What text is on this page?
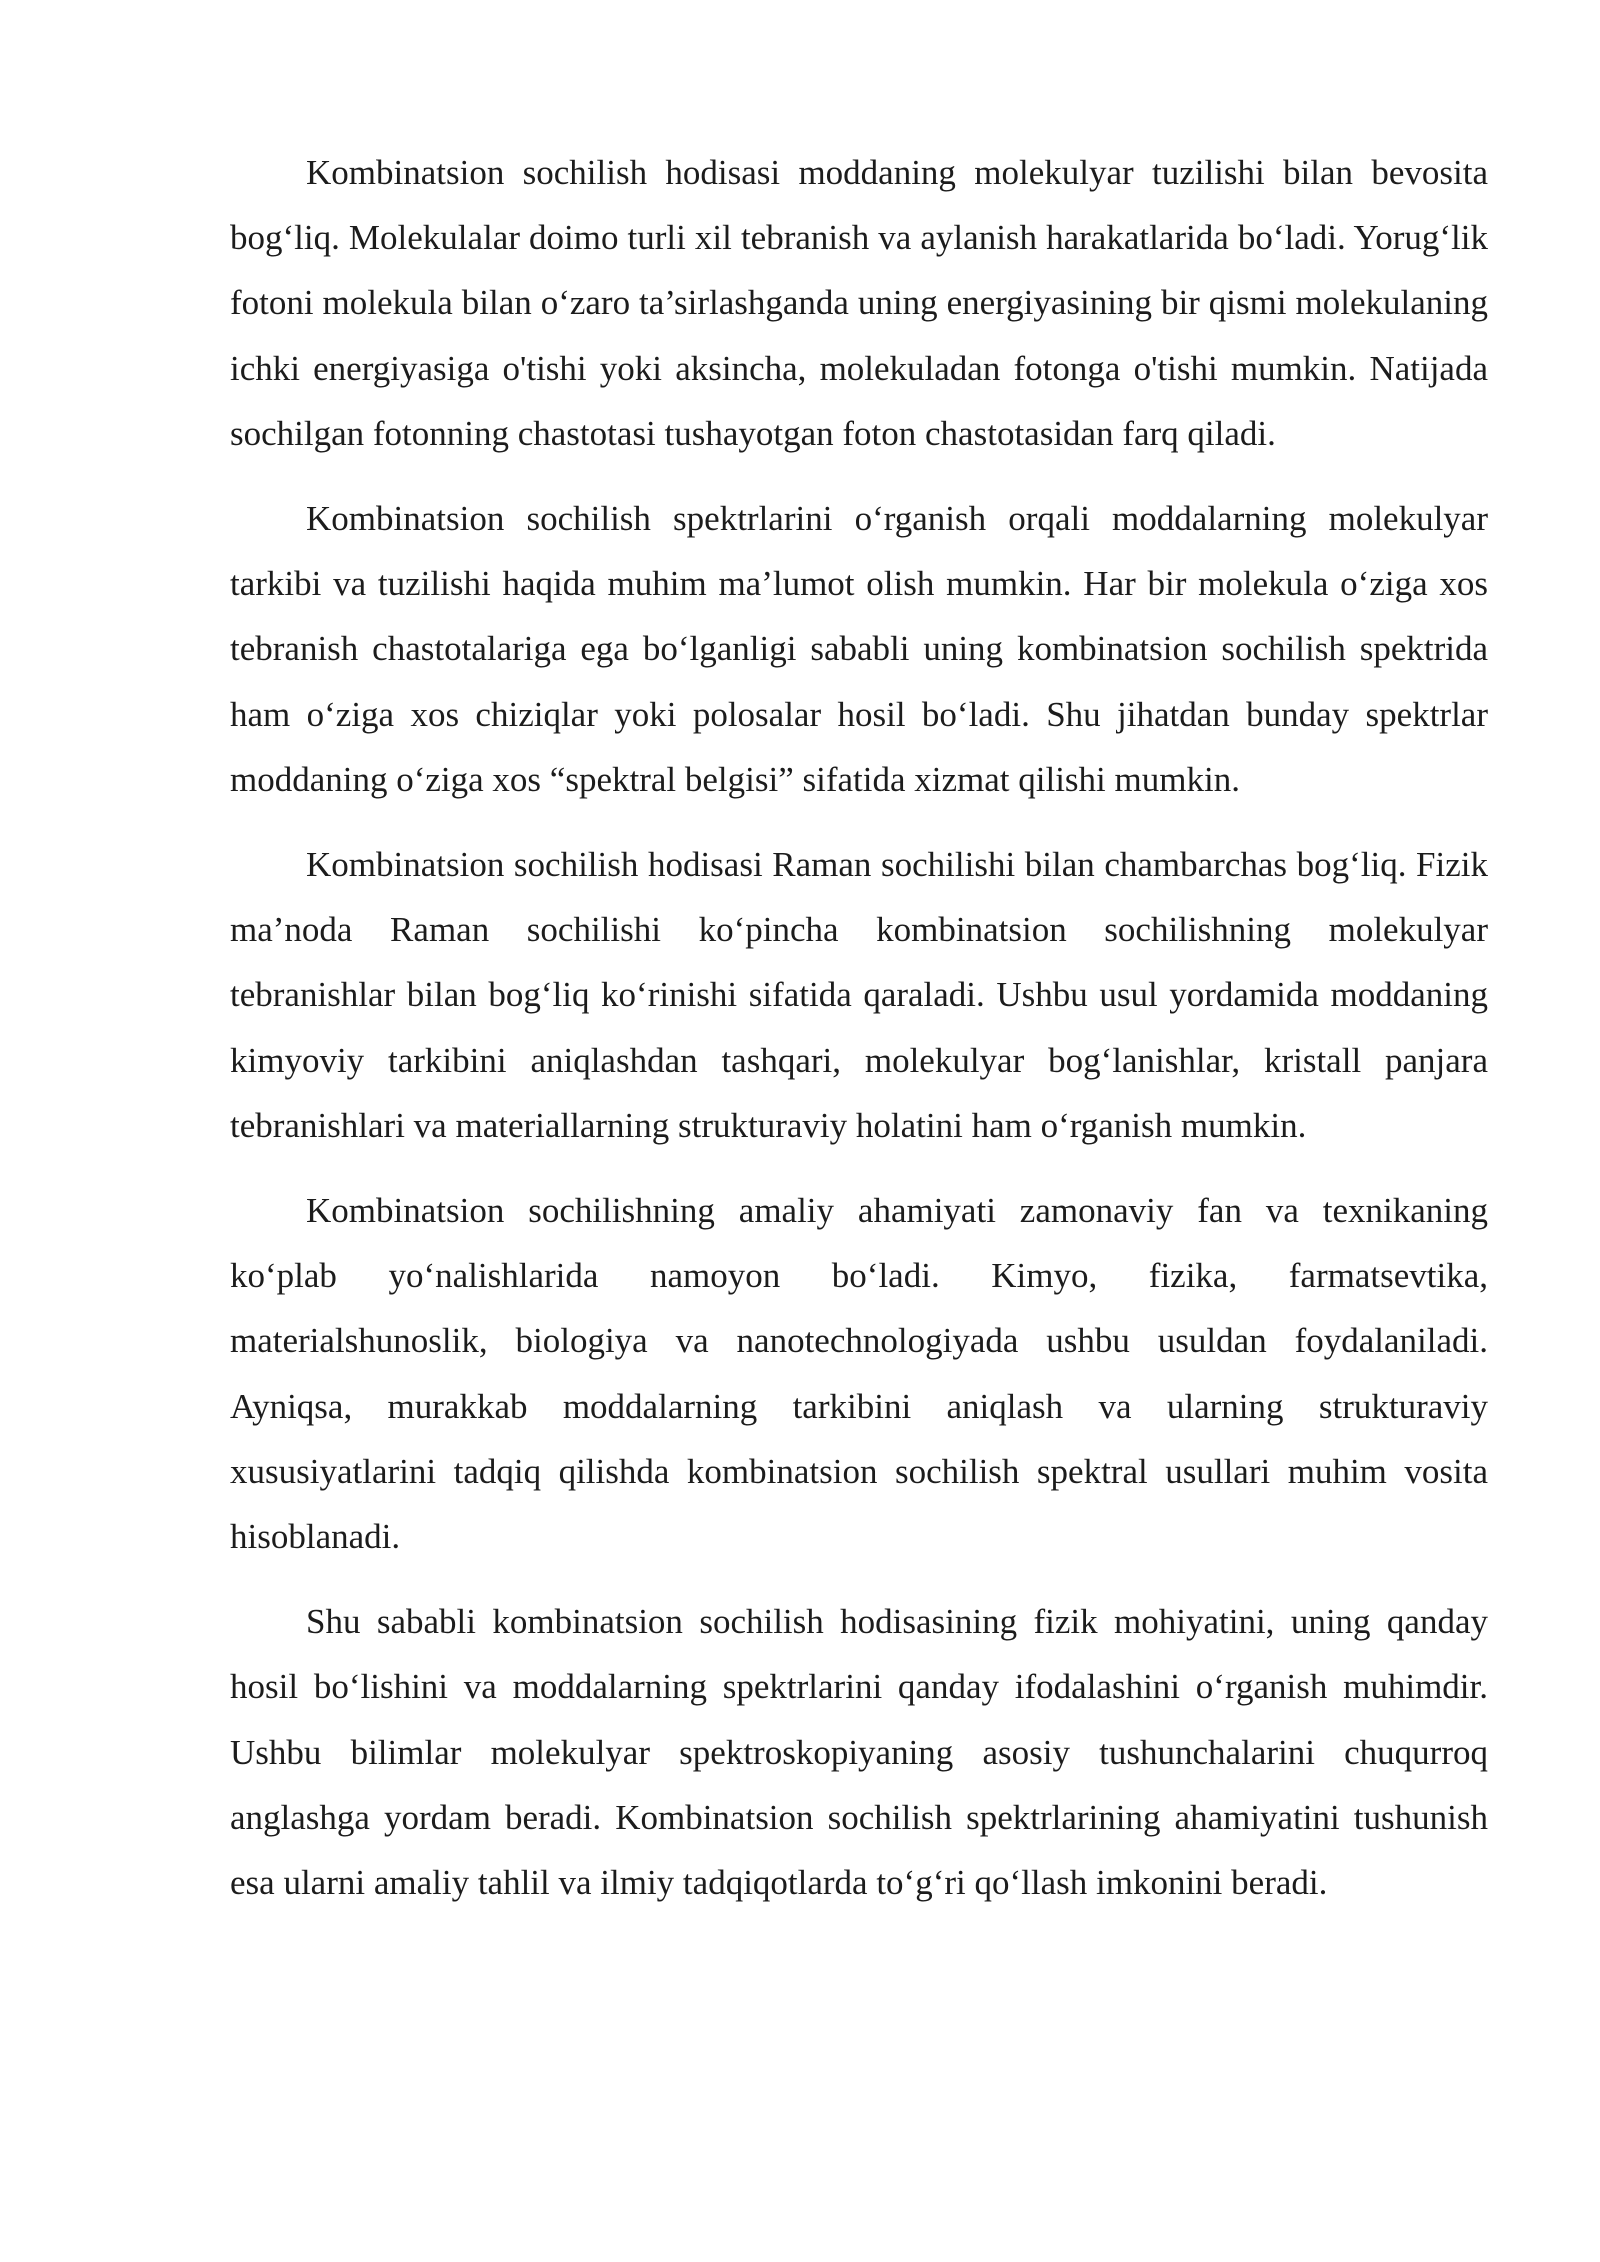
Kombinatsion sochilish hodisasi moddaning molekulyar tuzilishi bilan bevosita bog‘liq. Molekulalar doimo turli xil tebranish va aylanish harakatlarida bo‘ladi. Yorug‘lik fotoni molekula bilan o‘zaro ta’sirlashganda uning energiyasining bir qismi molekulaning ichki energiyasiga o'tishi yoki aksincha, molekuladan fotonga o'tishi mumkin. Natijada sochilgan fotonning chastotasi tushayotgan foton chastotasidan farq qiladi.

Kombinatsion sochilish spektrlarini o‘rganish orqali moddalarning molekulyar tarkibi va tuzilishi haqida muhim ma’lumot olish mumkin. Har bir molekula o‘ziga xos tebranish chastotalariga ega bo‘lganligi sababli uning kombinatsion sochilish spektrida ham o‘ziga xos chiziqlar yoki polosalar hosil bo‘ladi. Shu jihatdan bunday spektrlar moddaning o‘ziga xos “spektral belgisi” sifatida xizmat qilishi mumkin.

Kombinatsion sochilish hodisasi Raman sochilishi bilan chambarchas bog‘liq. Fizik ma’noda Raman sochilishi ko‘pincha kombinatsion sochilishning molekulyar tebranishlar bilan bog‘liq ko‘rinishi sifatida qaraladi. Ushbu usul yordamida moddaning kimyoviy tarkibini aniqlashdan tashqari, molekulyar bog‘lanishlar, kristall panjara tebranishlari va materiallarning strukturaviy holatini ham o‘rganish mumkin.

Kombinatsion sochilishning amaliy ahamiyati zamonaviy fan va texnikaning ko‘plab yo‘nalishlarida namoyon bo‘ladi. Kimyo, fizika, farmatsevtika, materialshunoslik, biologiya va nanotechnologiyada ushbu usuldan foydalaniladi. Ayniqsa, murakkab moddalarning tarkibini aniqlash va ularning strukturaviy xususiyatlarini tadqiq qilishda kombinatsion sochilish spektral usullari muhim vosita hisoblanadi.

Shu sababli kombinatsion sochilish hodisasining fizik mohiyatini, uning qanday hosil bo‘lishini va moddalarning spektrlarini qanday ifodalashini o‘rganish muhimdir. Ushbu bilimlar molekulyar spektroskopiyaning asosiy tushunchalarini chuqurroq anglashga yordam beradi. Kombinatsion sochilish spektrlarining ahamiyatini tushunish esa ularni amaliy tahlil va ilmiy tadqiqotlarda to‘g‘ri qo‘llash imkonini beradi.
